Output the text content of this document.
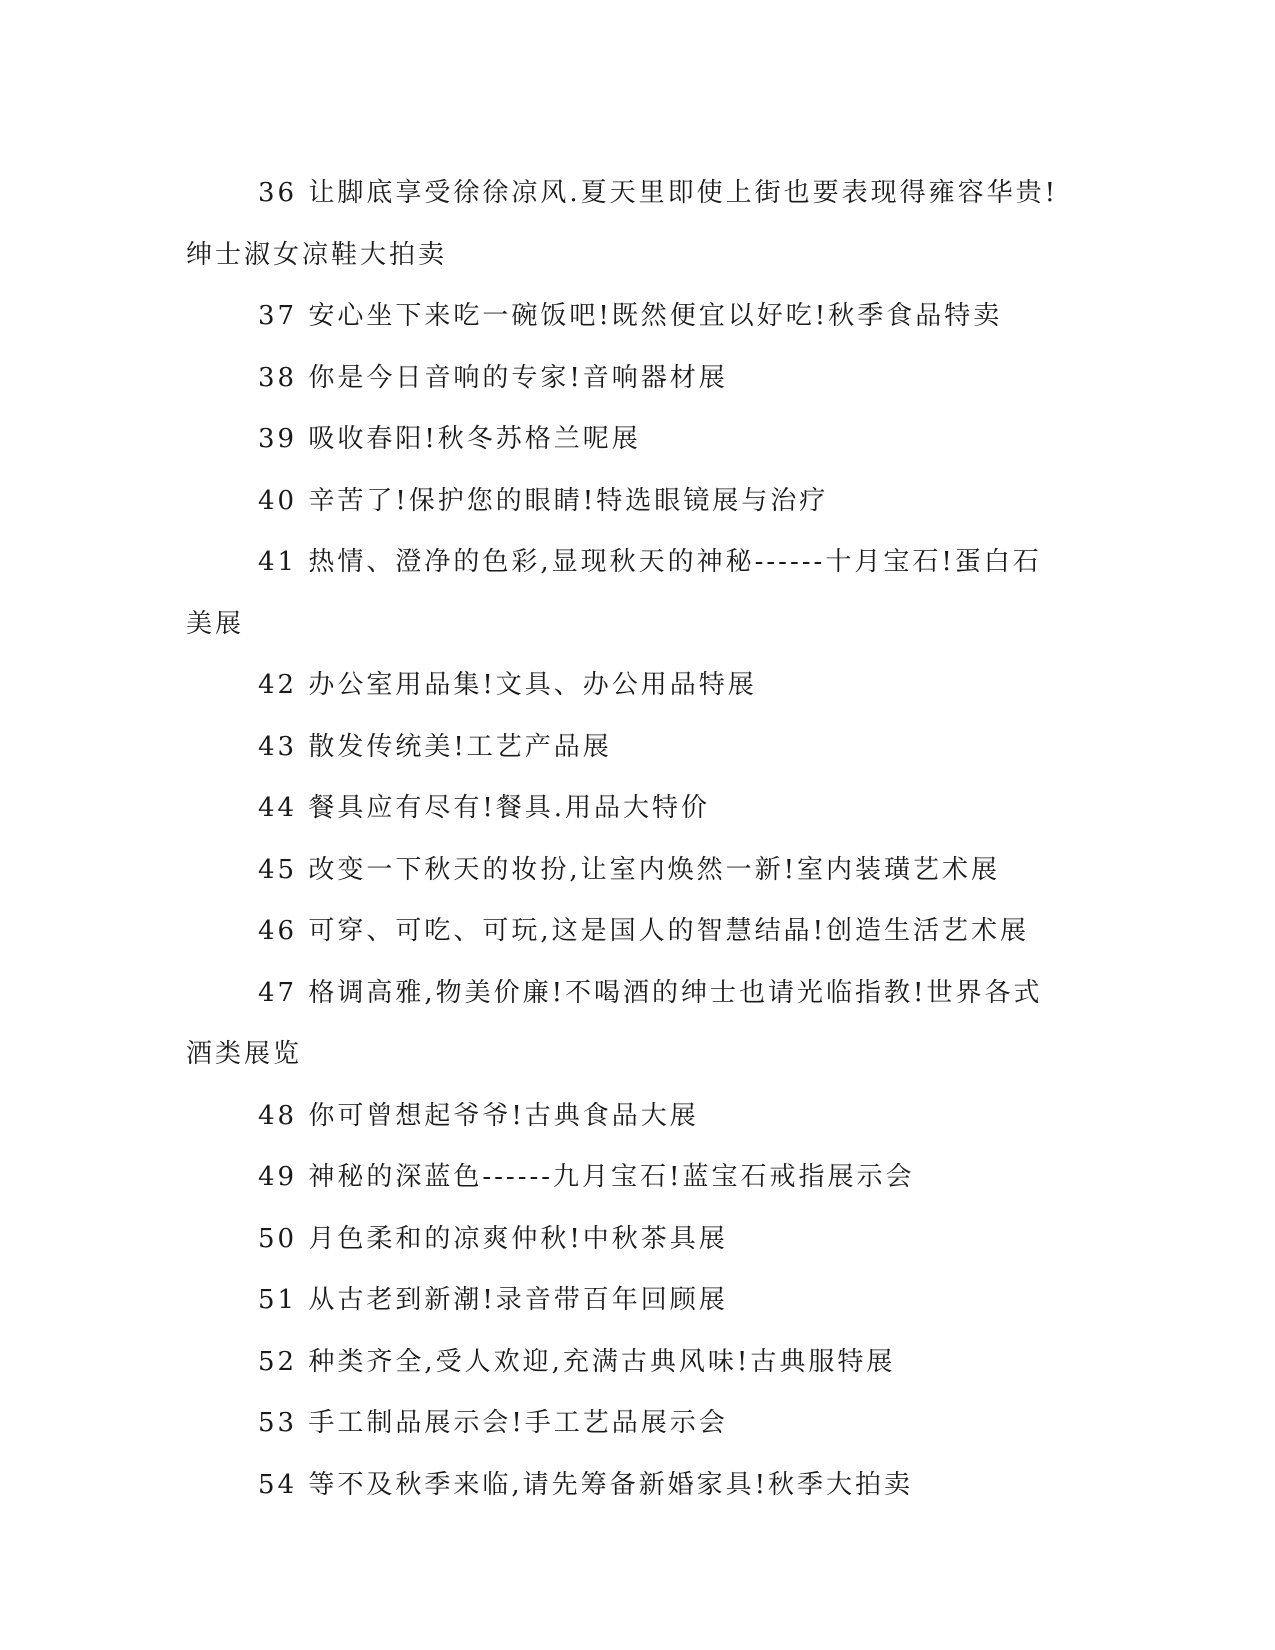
36 让脚底享受徐徐凉风.夏天里即使上街也要表现得雍容华贵!绅士淑女凉鞋大拍卖

37 安心坐下来吃一碗饭吧!既然便宜以好吃!秋季食品特卖

38 你是今日音响的专家!音响器材展

39 吸收春阳!秋冬苏格兰呢展

40 辛苦了!保护您的眼睛!特选眼镜展与治疗

41 热情、澄净的色彩,显现秋天的神秘------十月宝石!蛋白石美展

42 办公室用品集!文具、办公用品特展

43 散发传统美!工艺产品展

44 餐具应有尽有!餐具.用品大特价

45 改变一下秋天的妆扮,让室内焕然一新!室内装璜艺术展

46 可穿、可吃、可玩,这是国人的智慧结晶!创造生活艺术展

47 格调高雅,物美价廉!不喝酒的绅士也请光临指教!世界各式酒类展览

48 你可曾想起爷爷!古典食品大展

49 神秘的深蓝色------九月宝石!蓝宝石戒指展示会

50 月色柔和的凉爽仲秋!中秋茶具展

51 从古老到新潮!录音带百年回顾展

52 种类齐全,受人欢迎,充满古典风味!古典服特展

53 手工制品展示会!手工艺品展示会

54 等不及秋季来临,请先筹备新婚家具!秋季大拍卖
